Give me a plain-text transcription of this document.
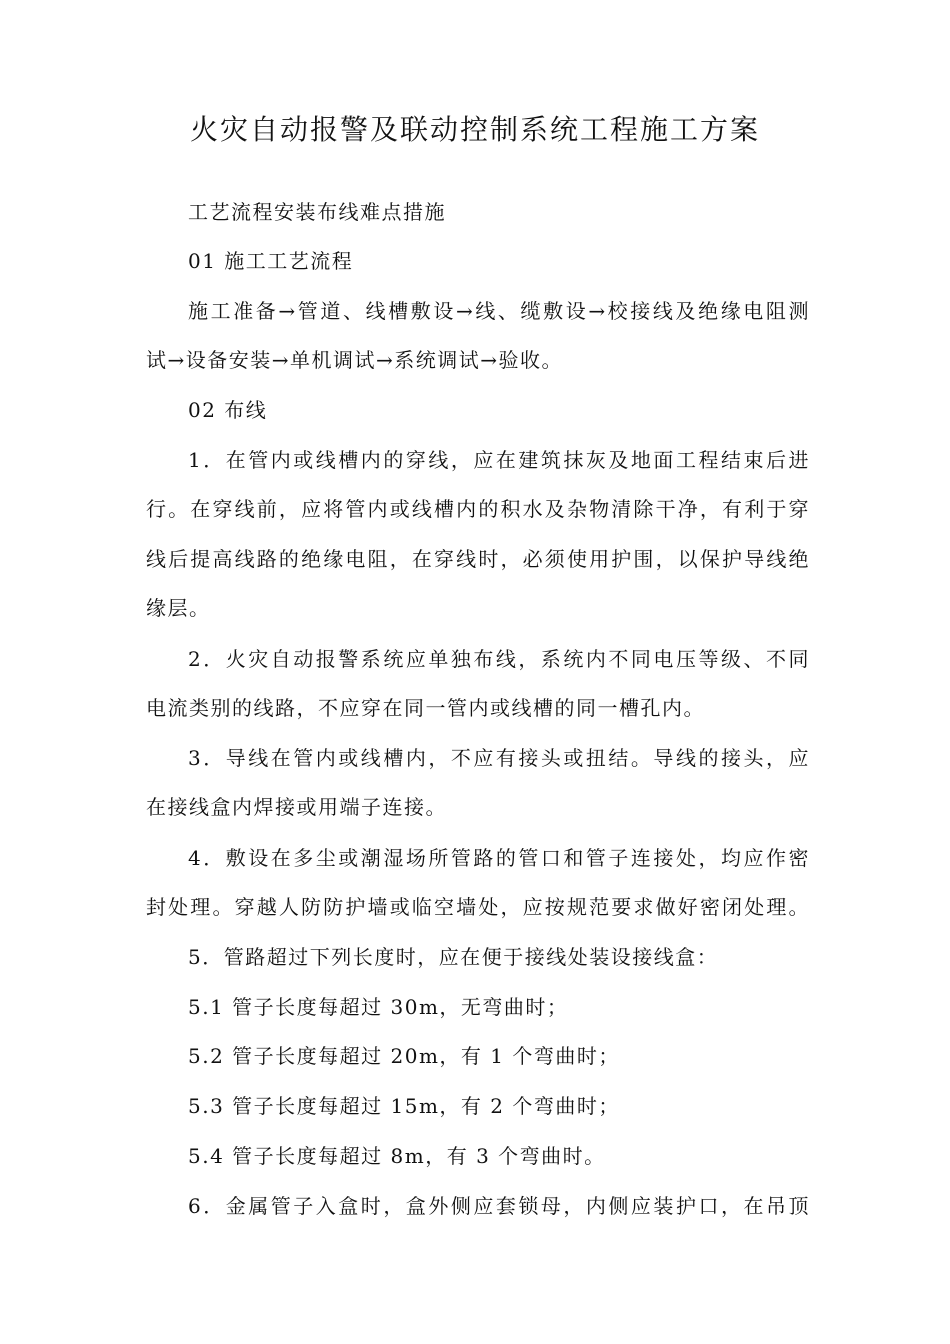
火灾自动报警及联动控制系统工程施工方案
工艺流程安装布线难点措施
01 施工工艺流程
施工准备→管道、线槽敷设→线、缆敷设→校接线及绝缘电阻测
试→设备安装→单机调试→系统调试→验收。
02 布线
1．在管内或线槽内的穿线，应在建筑抹灰及地面工程结束后进
行。在穿线前，应将管内或线槽内的积水及杂物清除干净，有利于穿
线后提高线路的绝缘电阻，在穿线时，必须使用护围，以保护导线绝
缘层。
2．火灾自动报警系统应单独布线，系统内不同电压等级、不同
电流类别的线路，不应穿在同一管内或线槽的同一槽孔内。
3．导线在管内或线槽内，不应有接头或扭结。导线的接头，应
在接线盒内焊接或用端子连接。
4．敷设在多尘或潮湿场所管路的管口和管子连接处，均应作密
封处理。穿越人防防护墙或临空墙处，应按规范要求做好密闭处理。
5．管路超过下列长度时，应在便于接线处装设接线盒：
5.1 管子长度每超过 30m，无弯曲时；
5.2 管子长度每超过 20m，有 1 个弯曲时；
5.3 管子长度每超过 15m，有 2 个弯曲时；
5.4 管子长度每超过 8m，有 3 个弯曲时。
6．金属管子入盒时，盒外侧应套锁母，内侧应装护口，在吊顶
